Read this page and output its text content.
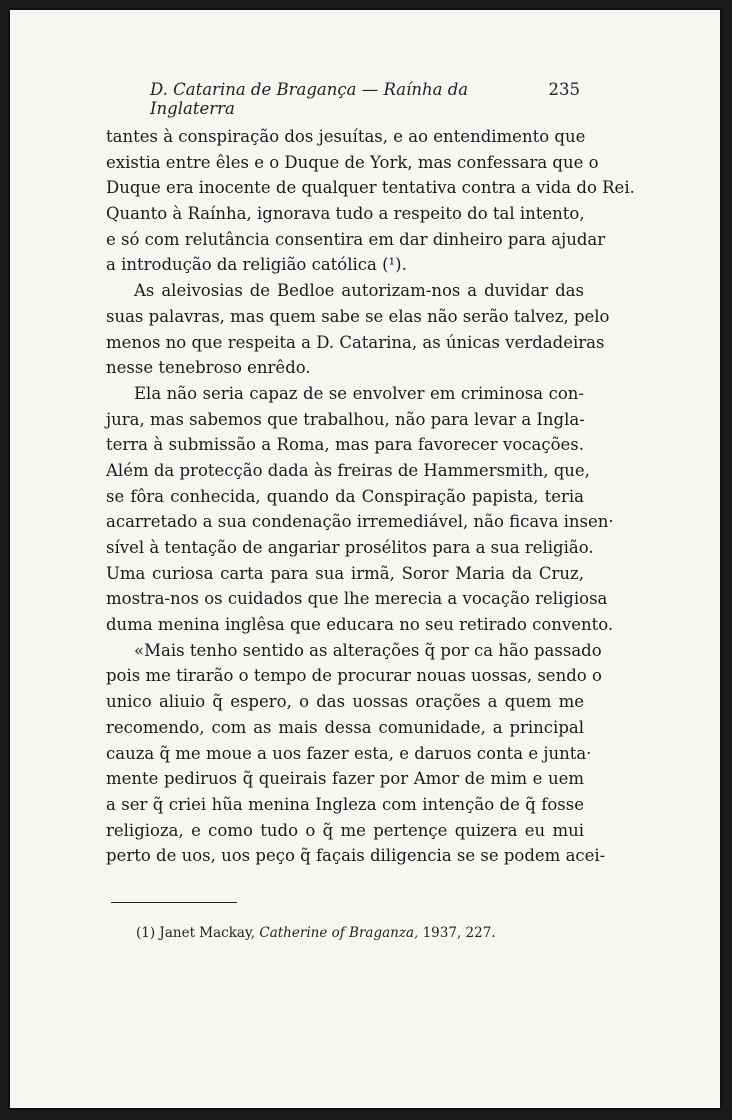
D. Catarina de Bragança — Raínha da Inglaterra
235
tantes à conspiração dos jesuítas, e ao entendimento que
existia entre êles e o Duque de York, mas confessara que o
Duque era inocente de qualquer tentativa contra a vida do Rei.
Quanto à Raínha, ignorava tudo a respeito do tal intento,
e só com relutância consentira em dar dinheiro para ajudar
a introdução da religião católica (¹).
As aleivosias de Bedloe autorizam-nos a duvidar das
suas palavras, mas quem sabe se elas não serão talvez, pelo
menos no que respeita a D. Catarina, as únicas verdadeiras
nesse tenebroso enrêdo.
Ela não seria capaz de se envolver em criminosa con-
jura, mas sabemos que trabalhou, não para levar a Ingla-
terra à submissão a Roma, mas para favorecer vocações.
Além da protecção dada às freiras de Hammersmith, que,
se fôra conhecida, quando da Conspiração papista, teria
acarretado a sua condenação irremediável, não ficava insen·
sível à tentação de angariar prosélitos para a sua religião.
Uma curiosa carta para sua irmã, Soror Maria da Cruz,
mostra-nos os cuidados que lhe merecia a vocação religiosa
duma menina inglêsa que educara no seu retirado convento.
«Mais tenho sentido as alterações q̃ por ca hão passado
pois me tirarão o tempo de procurar nouas uossas, sendo o
unico aliuio q̃ espero, o das uossas orações a quem me
recomendo, com as mais dessa comunidade, a principal
cauza q̃ me moue a uos fazer esta, e daruos conta e junta·
mente pediruos q̃ queirais fazer por Amor de mim e uem
a ser q̃ criei hũa menina Ingleza com intenção de q̃ fosse
religioza, e como tudo o q̃ me pertençe quizera eu mui
perto de uos, uos peço q̃ façais diligencia se se podem acei-
(1) Janet Mackay, Catherine of Braganza, 1937, 227.
